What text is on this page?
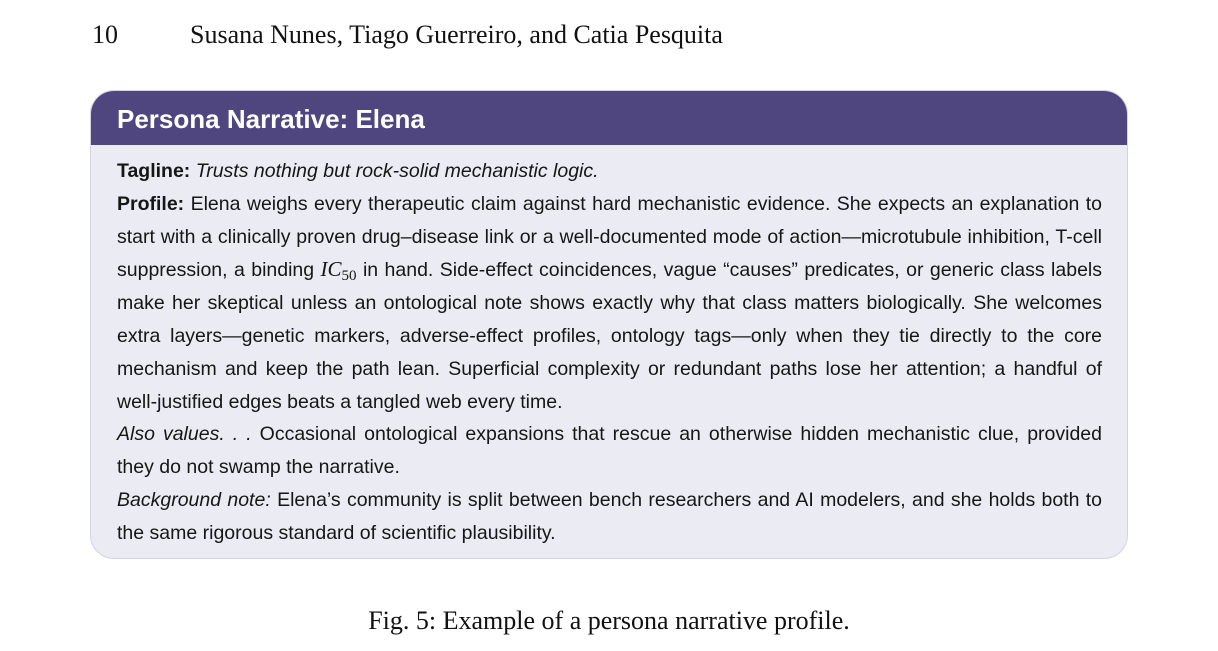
10	Susana Nunes, Tiago Guerreiro, and Catia Pesquita
Persona Narrative: Elena

Tagline: Trusts nothing but rock-solid mechanistic logic.

Profile: Elena weighs every therapeutic claim against hard mechanistic evidence. She expects an explanation to start with a clinically proven drug–disease link or a well-documented mode of action—microtubule inhibition, T-cell suppression, a binding $IC_{50}$ in hand. Side-effect coincidences, vague “causes” predicates, or generic class labels make her skeptical unless an ontological note shows exactly why that class matters biologically. She welcomes extra layers—genetic markers, adverse-effect profiles, ontology tags—only when they tie directly to the core mechanism and keep the path lean. Superficial complexity or redundant paths lose her attention; a handful of well-justified edges beats a tangled web every time.

Also values. . . Occasional ontological expansions that rescue an otherwise hidden mechanistic clue, provided they do not swamp the narrative.

Background note: Elena’s community is split between bench researchers and AI modelers, and she holds both to the same rigorous standard of scientific plausibility.

Fig. 5: Example of a persona narrative profile.
